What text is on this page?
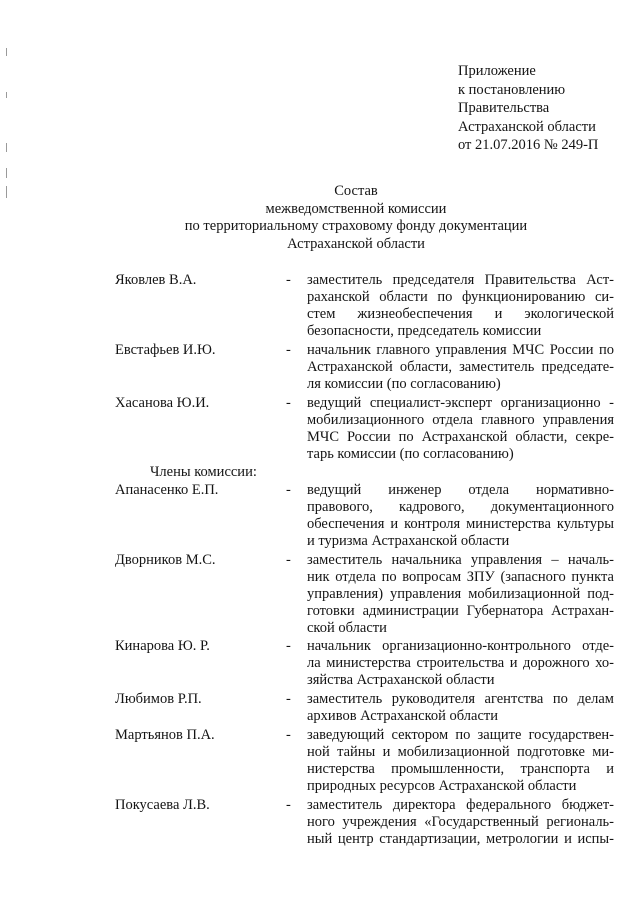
Приложение
к постановлению
Правительства
Астраханской области
от 21.07.2016 № 249-П
Состав
межведомственной комиссии
по территориальному страховому фонду документации
Астраханской области
Яковлев В.А.	- заместитель председателя Правительства Аст-
раханской области по функционированию си-
стем жизнеобеспечения и экологической
безопасности, председатель комиссии
Евстафьев И.Ю.	- начальник главного управления МЧС России по
Астраханской области, заместитель председате-
ля комиссии (по согласованию)
Хасанова Ю.И.	- ведущий специалист-эксперт организационно -
мобилизационного отдела главного управления
МЧС России по Астраханской области, секре-
тарь комиссии (по согласованию)
Члены комиссии:
Апанасенко Е.П.	- ведущий инженер отдела нормативно-
правового, кадрового, документационного
обеспечения и контроля министерства культуры
и туризма Астраханской области
Дворников М.С.	- заместитель начальника управления – началь-
ник отдела по вопросам ЗПУ (запасного пункта
управления) управления мобилизационной под-
готовки администрации Губернатора Астрахан-
ской области
Кинарова Ю. Р.	- начальник организационно-контрольного отде-
ла министерства строительства и дорожного хо-
зяйства Астраханской области
Любимов Р.П.	- заместитель руководителя агентства по делам
архивов Астраханской области
Мартьянов П.А.	- заведующий сектором по защите государствен-
ной тайны и мобилизационной подготовке ми-
нистерства промышленности, транспорта и
природных ресурсов Астраханской области
Покусаева Л.В.	- заместитель директора федерального бюджет-
ного учреждения «Государственный региональ-
ный центр стандартизации, метрологии и испы-
